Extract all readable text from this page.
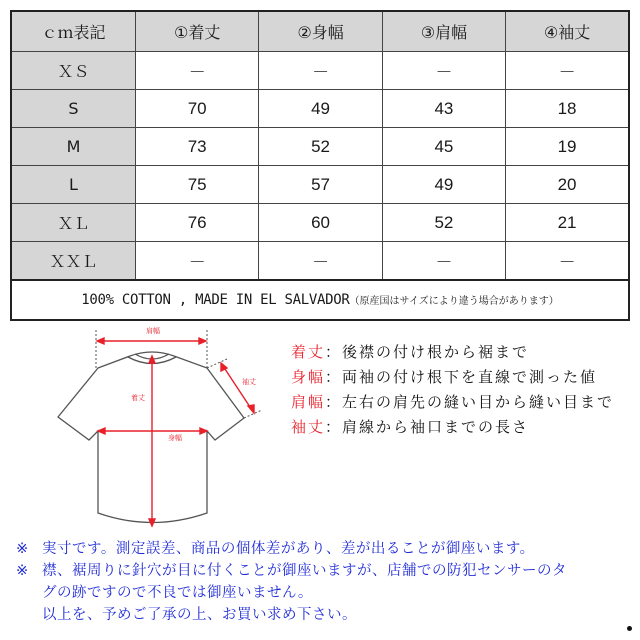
ｃｍ表記	①着丈	②身幅	③肩幅	④袖丈
ＸＳ	－	－	－	－
S	70	49	43	18
M	73	52	45	19
L	75	57	49	20
ＸＬ	76	60	52	21
ＸＸＬ	－	－	－	－
100% COTTON , MADE IN EL SALVADOR（原産国はサイズにより違う場合があります）				
肩幅
着丈
身幅
袖丈
着丈：後襟の付け根から裾まで
身幅：両袖の付け根下を直線で測った値
肩幅：左右の肩先の縫い目から縫い目まで
袖丈：肩線から袖口までの長さ
※ 実寸です。測定誤差、商品の個体差があり、差が出ることが御座います。
※ 襟、裾周りに針穴が目に付くことが御座いますが、店舗での防犯センサーのタ
グの跡ですので不良では御座いません。
以上を、予めご了承の上、お買い求め下さい。
